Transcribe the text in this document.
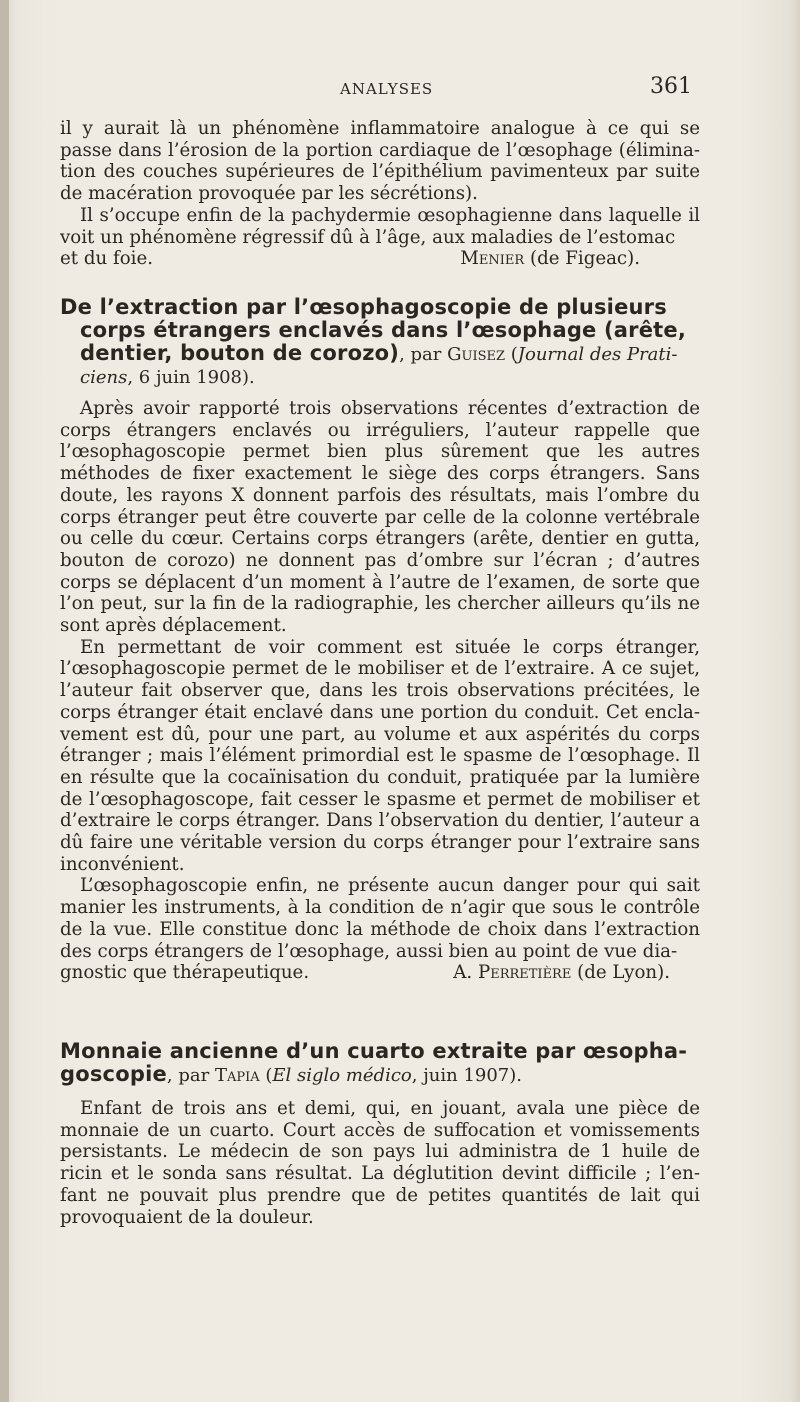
ANALYSES	361

il y aurait là un phénomène inflammatoire analogue à ce qui se passe dans l’érosion de la portion cardiaque de l’œsophage (élimina- tion des couches supérieures de l’épithélium pavimenteux par suite de macération provoquée par les sécrétions).

Il s’occupe enfin de la pachydermie œsophagienne dans laquelle il voit un phénomène régressif dû à l’âge, aux maladies de l’estomac

et du foie.	Menier (de Figeac).
De l’extraction par l’œsophagoscopie de plusieurs
corps étrangers enclavés dans l’œsophage (arête,
dentier, bouton de corozo), par Guisez (Journal des Prati-
ciens, 6 juin 1908).

Après avoir rapporté trois observations récentes d’extraction de corps étrangers enclavés ou irréguliers, l’auteur rappelle que l’œsophagoscopie permet bien plus sûrement que les autres méthodes de fixer exactement le siège des corps étrangers. Sans doute, les rayons X donnent parfois des résultats, mais l’ombre du corps étranger peut être couverte par celle de la colonne vertébrale ou celle du cœur. Certains corps étrangers (arête, dentier en gutta, bouton de corozo) ne donnent pas d’ombre sur l’écran ; d’autres corps se déplacent d’un moment à l’autre de l’examen, de sorte que l’on peut, sur la fin de la radiographie, les chercher ailleurs qu’ils ne sont après déplacement.

En permettant de voir comment est située le corps étranger, l’œsophagoscopie permet de le mobiliser et de l’extraire. A ce sujet, l’auteur fait observer que, dans les trois observations précitées, le corps étranger était enclavé dans une portion du conduit. Cet encla- vement est dû, pour une part, au volume et aux aspérités du corps étranger ; mais l’élément primordial est le spasme de l’œsophage. Il en résulte que la cocaïnisation du conduit, pratiquée par la lumière de l’œsophagoscope, fait cesser le spasme et permet de mobiliser et d’extraire le corps étranger. Dans l’observation du dentier, l’auteur a dû faire une véritable version du corps étranger pour l’extraire sans inconvénient.

L’œsophagoscopie enfin, ne présente aucun danger pour qui sait manier les instruments, à la condition de n’agir que sous le contrôle de la vue. Elle constitue donc la méthode de choix dans l’extraction des corps étrangers de l’œsophage, aussi bien au point de vue dia-

gnostic que thérapeutique.	A. Perretière (de Lyon).
Monnaie ancienne d’un cuarto extraite par œsopha-
goscopie, par Tapia (El siglo médico, juin 1907).

Enfant de trois ans et demi, qui, en jouant, avala une pièce de monnaie de un cuarto. Court accès de suffocation et vomissements persistants. Le médecin de son pays lui administra de 1 huile de ricin et le sonda sans résultat. La déglutition devint difficile ; l’en- fant ne pouvait plus prendre que de petites quantités de lait qui provoquaient de la douleur.
